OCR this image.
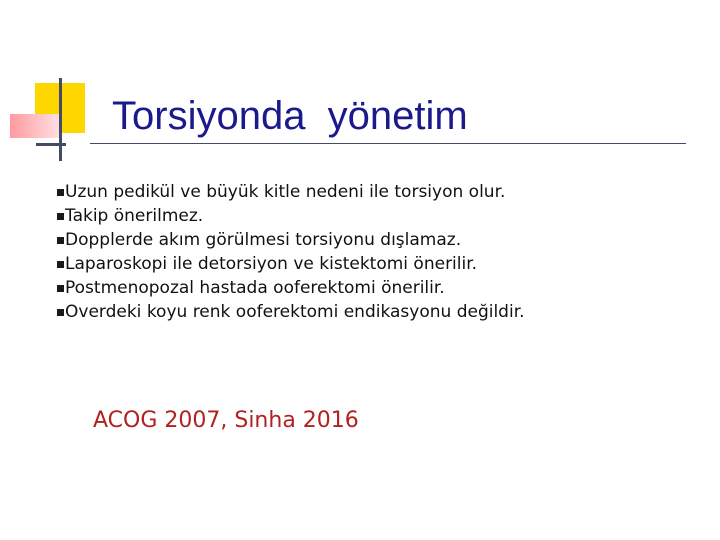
Torsiyonda  yönetim
Uzun pedikül ve büyük kitle nedeni ile torsiyon olur.
Takip önerilmez.
Dopplerde akım görülmesi torsiyonu dışlamaz.
Laparoskopi ile detorsiyon ve kistektomi önerilir.
Postmenopozal hastada ooferektomi önerilir.
Overdeki koyu renk ooferektomi endikasyonu değildir.

ACOG 2007, Sinha 2016
